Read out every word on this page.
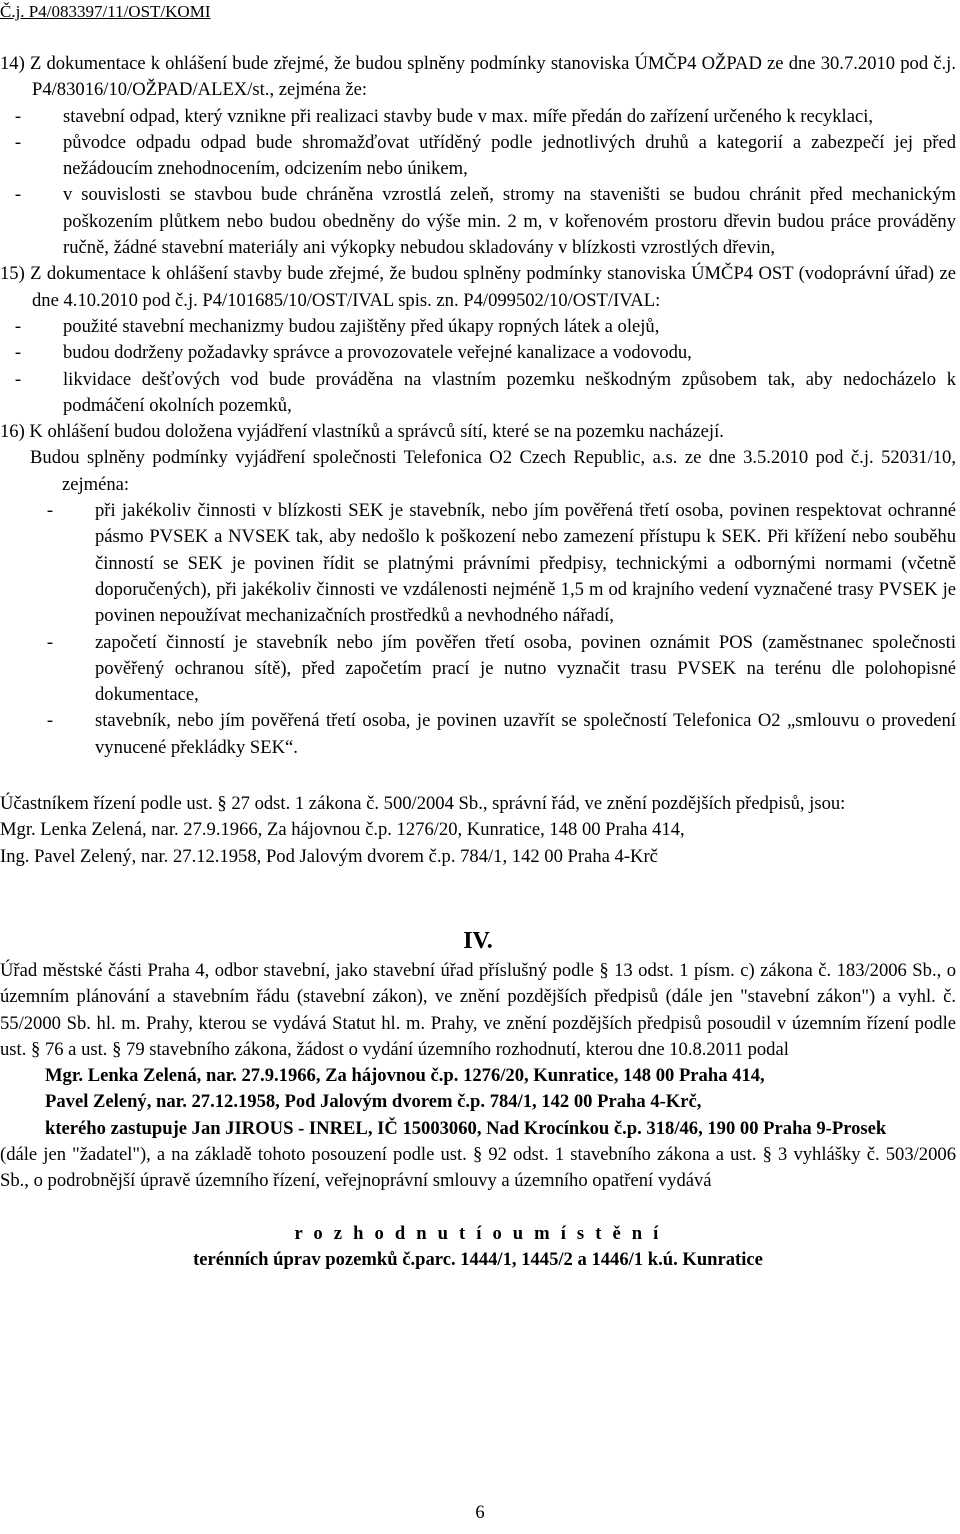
Č.j. P4/083397/11/OST/KOMI

14) Z dokumentace k ohlášení bude zřejmé, že budou splněny podmínky stanoviska ÚMČP4 OŽPAD ze dne 30.7.2010 pod č.j. P4/83016/10/OŽPAD/ALEX/st., zejména že:

-	stavební odpad, který vznikne při realizaci stavby bude v max. míře předán do zařízení určeného k recyklaci,
-	původce odpadu odpad bude shromažďovat utříděný podle jednotlivých druhů a kategorií a zabezpečí jej před nežádoucím znehodnocením, odcizením nebo únikem,
-	v souvislosti se stavbou bude chráněna vzrostlá zeleň, stromy na staveništi se budou chránit před mechanickým poškozením plůtkem nebo budou obedněny do výše min. 2 m, v kořenovém prostoru dřevin budou práce prováděny ručně, žádné stavební materiály ani výkopky nebudou skladovány v blízkosti vzrostlých dřevin,

15) Z dokumentace k ohlášení stavby bude zřejmé, že budou splněny podmínky stanoviska ÚMČP4 OST (vodoprávní úřad) ze dne 4.10.2010 pod č.j. P4/101685/10/OST/IVAL spis. zn. P4/099502/10/OST/IVAL:

-	použité stavební mechanizmy budou zajištěny před úkapy ropných látek a olejů,
-	budou dodrženy požadavky správce a provozovatele veřejné kanalizace a vodovodu,
-	likvidace dešťových vod bude prováděna na vlastním pozemku neškodným způsobem tak, aby nedocházelo k podmáčení okolních pozemků,

16) K ohlášení budou doložena vyjádření vlastníků a správců sítí, které se na pozemku nacházejí.

Budou splněny podmínky vyjádření společnosti Telefonica O2 Czech Republic, a.s. ze dne 3.5.2010 pod č.j. 52031/10, zejména:

-	při jakékoliv činnosti v blízkosti SEK je stavebník, nebo jím pověřená třetí osoba, povinen respektovat ochranné pásmo PVSEK a NVSEK tak, aby nedošlo k poškození nebo zamezení přístupu k SEK. Při křížení nebo souběhu činností se SEK je povinen řídit se platnými právními předpisy, technickými a odbornými normami (včetně doporučených), při jakékoliv činnosti ve vzdálenosti nejméně 1,5 m od krajního vedení vyznačené trasy PVSEK je povinen nepoužívat mechanizačních prostředků a nevhodného nářadí,
-	započetí činností je stavebník nebo jím pověřen třetí osoba, povinen oznámit POS (zaměstnanec společnosti pověřený ochranou sítě), před započetím prací je nutno vyznačit trasu PVSEK na terénu dle polohopisné dokumentace,
-	stavebník, nebo jím pověřená třetí osoba, je povinen uzavřít se společností Telefonica O2 „smlouvu o provedení vynucené překládky SEK“.

Účastníkem řízení podle ust. § 27 odst. 1 zákona č. 500/2004 Sb., správní řád, ve znění pozdějších předpisů, jsou:

Mgr. Lenka Zelená, nar. 27.9.1966, Za hájovnou č.p. 1276/20, Kunratice, 148 00 Praha 414,

Ing. Pavel Zelený, nar. 27.12.1958, Pod Jalovým dvorem č.p. 784/1, 142 00 Praha 4-Krč

IV.

Úřad městské části Praha 4, odbor stavební, jako stavební úřad příslušný podle § 13 odst. 1 písm. c) zákona č. 183/2006 Sb., o územním plánování a stavebním řádu (stavební zákon), ve znění pozdějších předpisů (dále jen "stavební zákon") a vyhl. č. 55/2000 Sb. hl. m. Prahy, kterou se vydává Statut hl. m. Prahy, ve znění pozdějších předpisů posoudil v územním řízení podle ust. § 76 a ust. § 79 stavebního zákona, žádost o vydání územního rozhodnutí, kterou dne 10.8.2011 podal

Mgr. Lenka Zelená, nar. 27.9.1966, Za hájovnou č.p. 1276/20, Kunratice, 148 00 Praha 414,

Pavel Zelený, nar. 27.12.1958, Pod Jalovým dvorem č.p. 784/1, 142 00 Praha 4-Krč,

kterého zastupuje Jan JIROUS - INREL, IČ 15003060, Nad Krocínkou č.p. 318/46, 190 00 Praha 9-Prosek

(dále jen "žadatel"), a na základě tohoto posouzení podle ust. § 92 odst. 1 stavebního zákona a ust. § 3 vyhlášky č. 503/2006 Sb., o podrobnější úpravě územního řízení, veřejnoprávní smlouvy a územního opatření vydává

r o z h o d n u t í o u m í s t ě n í

terénních úprav pozemků č.parc. 1444/1, 1445/2 a 1446/1 k.ú. Kunratice

6
